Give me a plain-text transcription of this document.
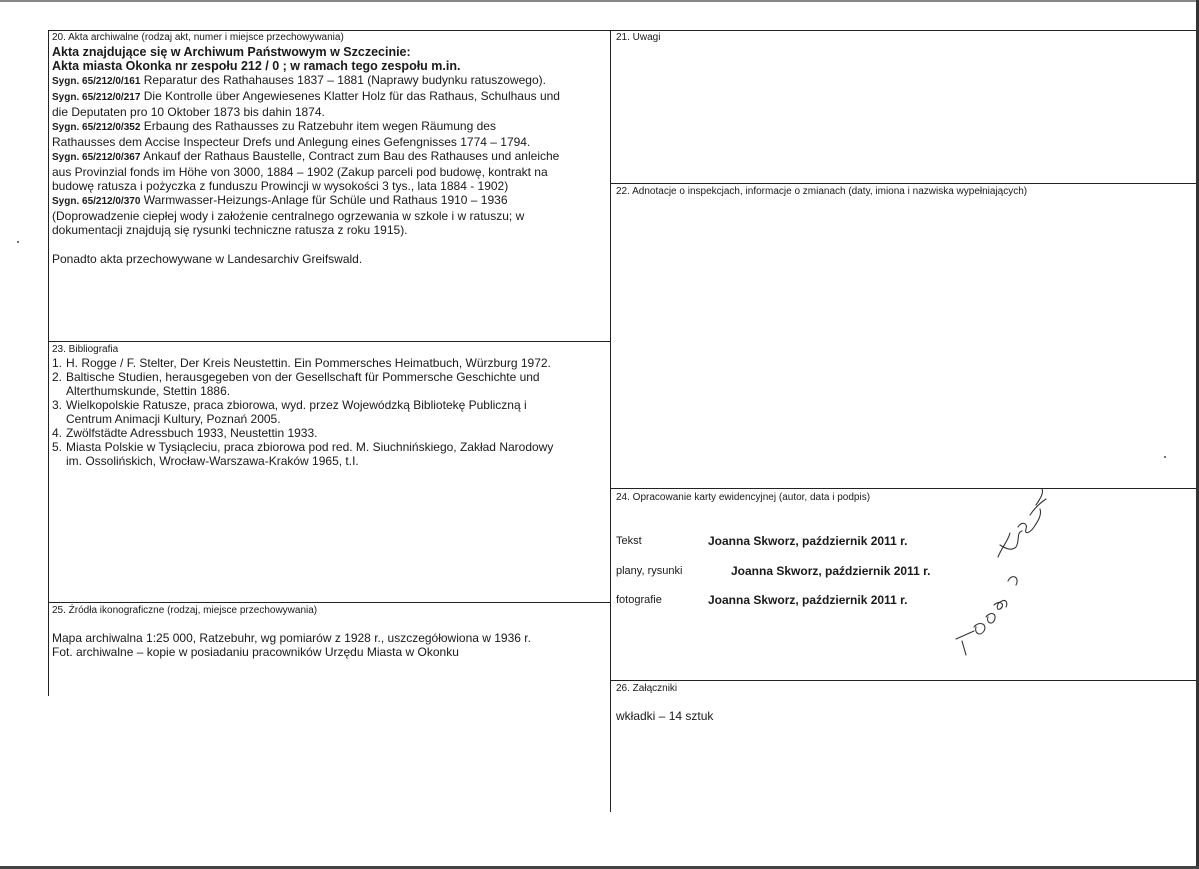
20. Akta archiwalne (rodzaj akt, numer i miejsce przechowywania)
Akta znajdujące się w Archiwum Państwowym w Szczecinie:
Akta miasta Okonka nr zespołu 212 / 0 ; w ramach tego zespołu m.in.
Sygn. 65/212/0/161 Reparatur des Rathahauses 1837 – 1881 (Naprawy budynku ratuszowego).
Sygn. 65/212/0/217 Die Kontrolle über Angewiesenes Klatter Holz für das Rathaus, Schulhaus und
die Deputaten pro 10 Oktober 1873 bis dahin 1874.
Sygn. 65/212/0/352 Erbaung des Rathausses zu Ratzebuhr item wegen Räumung des
Rathausses dem Accise Inspecteur Drefs und Anlegung eines Gefengnisses 1774 – 1794.
Sygn. 65/212/0/367 Ankauf der Rathaus Baustelle, Contract zum Bau des Rathauses und anleiche
aus Provinzial fonds im Höhe von 3000, 1884 – 1902 (Zakup parceli pod budowę, kontrakt na
budowę ratusza i pożyczka z funduszu Prowincji w wysokości 3 tys., lata 1884 - 1902)
Sygn. 65/212/0/370 Warmwasser-Heizungs-Anlage für Schüle und Rathaus 1910 – 1936
(Doprowadzenie ciepłej wody i założenie centralnego ogrzewania w szkole i w ratuszu; w
dokumentacji znajdują się rysunki techniczne ratusza z roku 1915).
Ponadto akta przechowywane w Landesarchiv Greifswald.
21. Uwagi
22. Adnotacje o inspekcjach, informacje o zmianach (daty, imiona i nazwiska wypełniających)
23. Bibliografia
1. H. Rogge / F. Stelter, Der Kreis Neustettin. Ein Pommersches Heimatbuch, Würzburg 1972.
2. Baltische Studien, herausgegeben von der Gesellschaft für Pommersche Geschichte und
Alterthumskunde, Stettin 1886.
3. Wielkopolskie Ratusze, praca zbiorowa, wyd. przez Wojewódzką Bibliotekę Publiczną i
Centrum Animacji Kultury, Poznań 2005.
4. Zwölfstädte Adressbuch 1933, Neustettin 1933.
5. Miasta Polskie w Tysiącleciu, praca zbiorowa pod red. M. Siuchnińskiego, Zakład Narodowy
im. Ossolińskich, Wrocław-Warszawa-Kraków 1965, t.I.
24. Opracowanie karty ewidencyjnej (autor, data i podpis)
Tekst	Joanna Skworz, październik 2011 r.
plany, rysunki	Joanna Skworz, październik 2011 r.
fotografie	Joanna Skworz, październik 2011 r.
25. Źródła ikonograficzne (rodzaj, miejsce przechowywania)
Mapa archiwalna 1:25 000, Ratzebuhr, wg pomiarów z 1928 r., uszczegółowiona w 1936 r.
Fot. archiwalne – kopie w posiadaniu pracowników Urzędu Miasta w Okonku
26. Załączniki
wkładki – 14 sztuk
